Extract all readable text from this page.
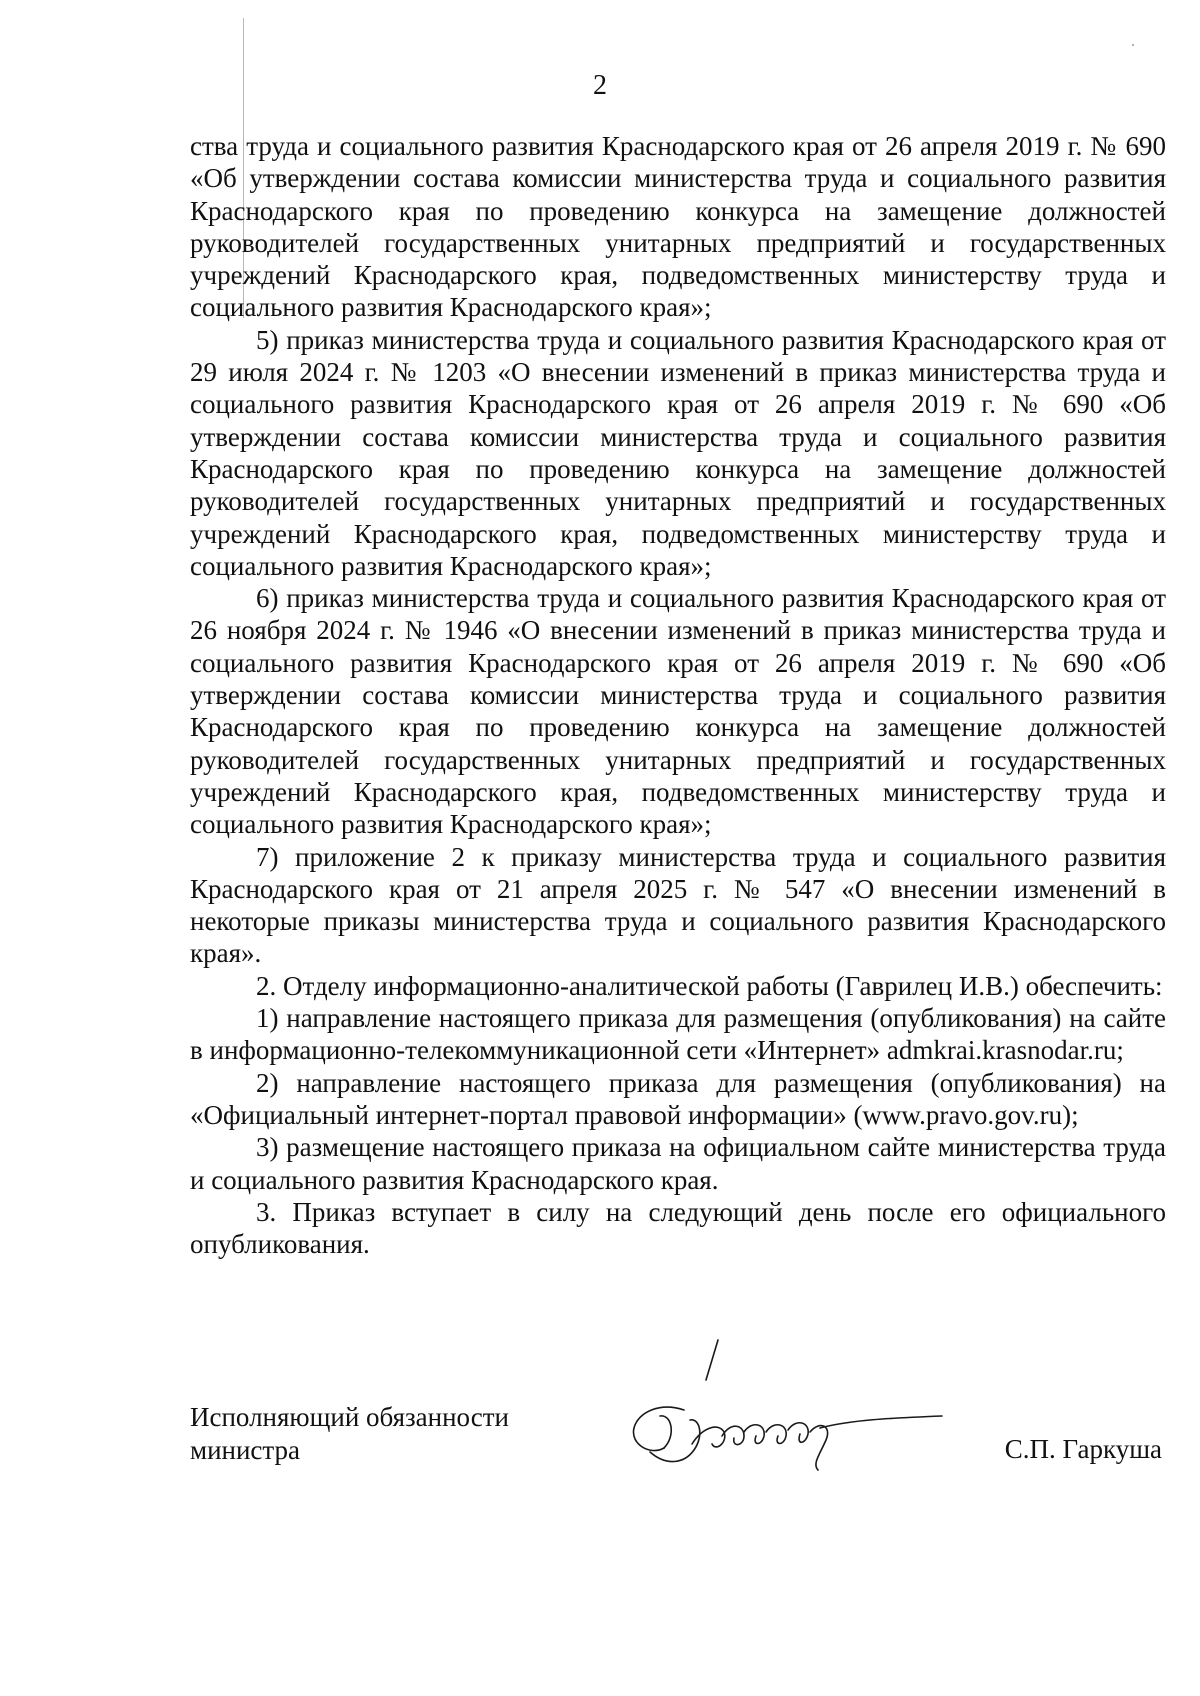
2

ства труда и социального развития Краснодарского края от 26 апреля 2019 г. № 690 «Об утверждении состава комиссии министерства труда и социального развития Краснодарского края по проведению конкурса на замещение должностей руководителей государственных унитарных предприятий и государственных учреждений Краснодарского края, подведомственных министерству труда и социального развития Краснодарского края»;

5) приказ министерства труда и социального развития Краснодарского края от 29 июля 2024 г. № 1203 «О внесении изменений в приказ министерства труда и социального развития Краснодарского края от 26 апреля 2019 г. № 690 «Об утверждении состава комиссии министерства труда и социального развития Краснодарского края по проведению конкурса на замещение должностей руководителей государственных унитарных предприятий и государственных учреждений Краснодарского края, подведомственных министерству труда и социального развития Краснодарского края»;

6) приказ министерства труда и социального развития Краснодарского края от 26 ноября 2024 г. № 1946 «О внесении изменений в приказ министерства труда и социального развития Краснодарского края от 26 апреля 2019 г. № 690 «Об утверждении состава комиссии министерства труда и социального развития Краснодарского края по проведению конкурса на замещение должностей руководителей государственных унитарных предприятий и государственных учреждений Краснодарского края, подведомственных министерству труда и социального развития Краснодарского края»;

7) приложение 2 к приказу министерства труда и социального развития Краснодарского края от 21 апреля 2025 г. № 547 «О внесении изменений в некоторые приказы министерства труда и социального развития Краснодарского края».

2. Отделу информационно-аналитической работы (Гаврилец И.В.) обеспечить:

1) направление настоящего приказа для размещения (опубликования) на сайте в информационно-телекоммуникационной сети «Интернет» admkrai.krasnodar.ru;

2) направление настоящего приказа для размещения (опубликования) на «Официальный интернет-портал правовой информации» (www.pravo.gov.ru);

3) размещение настоящего приказа на официальном сайте министерства труда и социального развития Краснодарского края.

3. Приказ вступает в силу на следующий день после его официального опубликования.

Исполняющий обязанности
министра	С.П. Гаркуша
